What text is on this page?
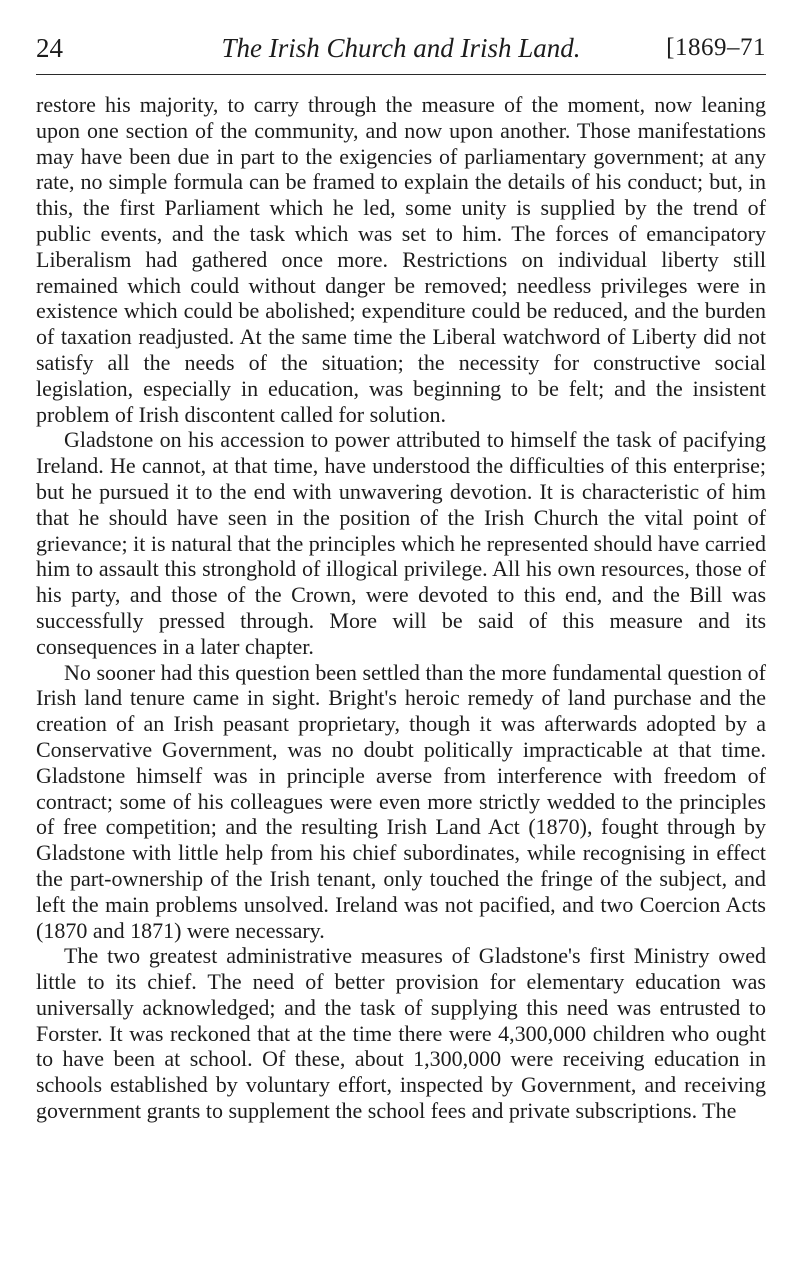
24	The Irish Church and Irish Land.	[1869–71

restore his majority, to carry through the measure of the moment, now leaning upon one section of the community, and now upon another. Those manifestations may have been due in part to the exigencies of parliamentary government; at any rate, no simple formula can be framed to explain the details of his conduct; but, in this, the first Parliament which he led, some unity is supplied by the trend of public events, and the task which was set to him. The forces of emancipatory Liberalism had gathered once more. Restrictions on individual liberty still remained which could without danger be removed; needless privileges were in existence which could be abolished; expenditure could be reduced, and the burden of taxation readjusted. At the same time the Liberal watchword of Liberty did not satisfy all the needs of the situation; the necessity for constructive social legislation, especially in education, was beginning to be felt; and the insistent problem of Irish discontent called for solution.

Gladstone on his accession to power attributed to himself the task of pacifying Ireland. He cannot, at that time, have understood the difficulties of this enterprise; but he pursued it to the end with unwavering devotion. It is characteristic of him that he should have seen in the position of the Irish Church the vital point of grievance; it is natural that the principles which he represented should have carried him to assault this stronghold of illogical privilege. All his own resources, those of his party, and those of the Crown, were devoted to this end, and the Bill was successfully pressed through. More will be said of this measure and its consequences in a later chapter.

No sooner had this question been settled than the more fundamental question of Irish land tenure came in sight. Bright's heroic remedy of land purchase and the creation of an Irish peasant proprietary, though it was afterwards adopted by a Conservative Government, was no doubt politically impracticable at that time. Gladstone himself was in principle averse from interference with freedom of contract; some of his colleagues were even more strictly wedded to the principles of free competition; and the resulting Irish Land Act (1870), fought through by Gladstone with little help from his chief subordinates, while recognising in effect the part-ownership of the Irish tenant, only touched the fringe of the subject, and left the main problems unsolved. Ireland was not pacified, and two Coercion Acts (1870 and 1871) were necessary.

The two greatest administrative measures of Gladstone's first Ministry owed little to its chief. The need of better provision for elementary education was universally acknowledged; and the task of supplying this need was entrusted to Forster. It was reckoned that at the time there were 4,300,000 children who ought to have been at school. Of these, about 1,300,000 were receiving education in schools established by voluntary effort, inspected by Government, and receiving government grants to supplement the school fees and private subscriptions. The
